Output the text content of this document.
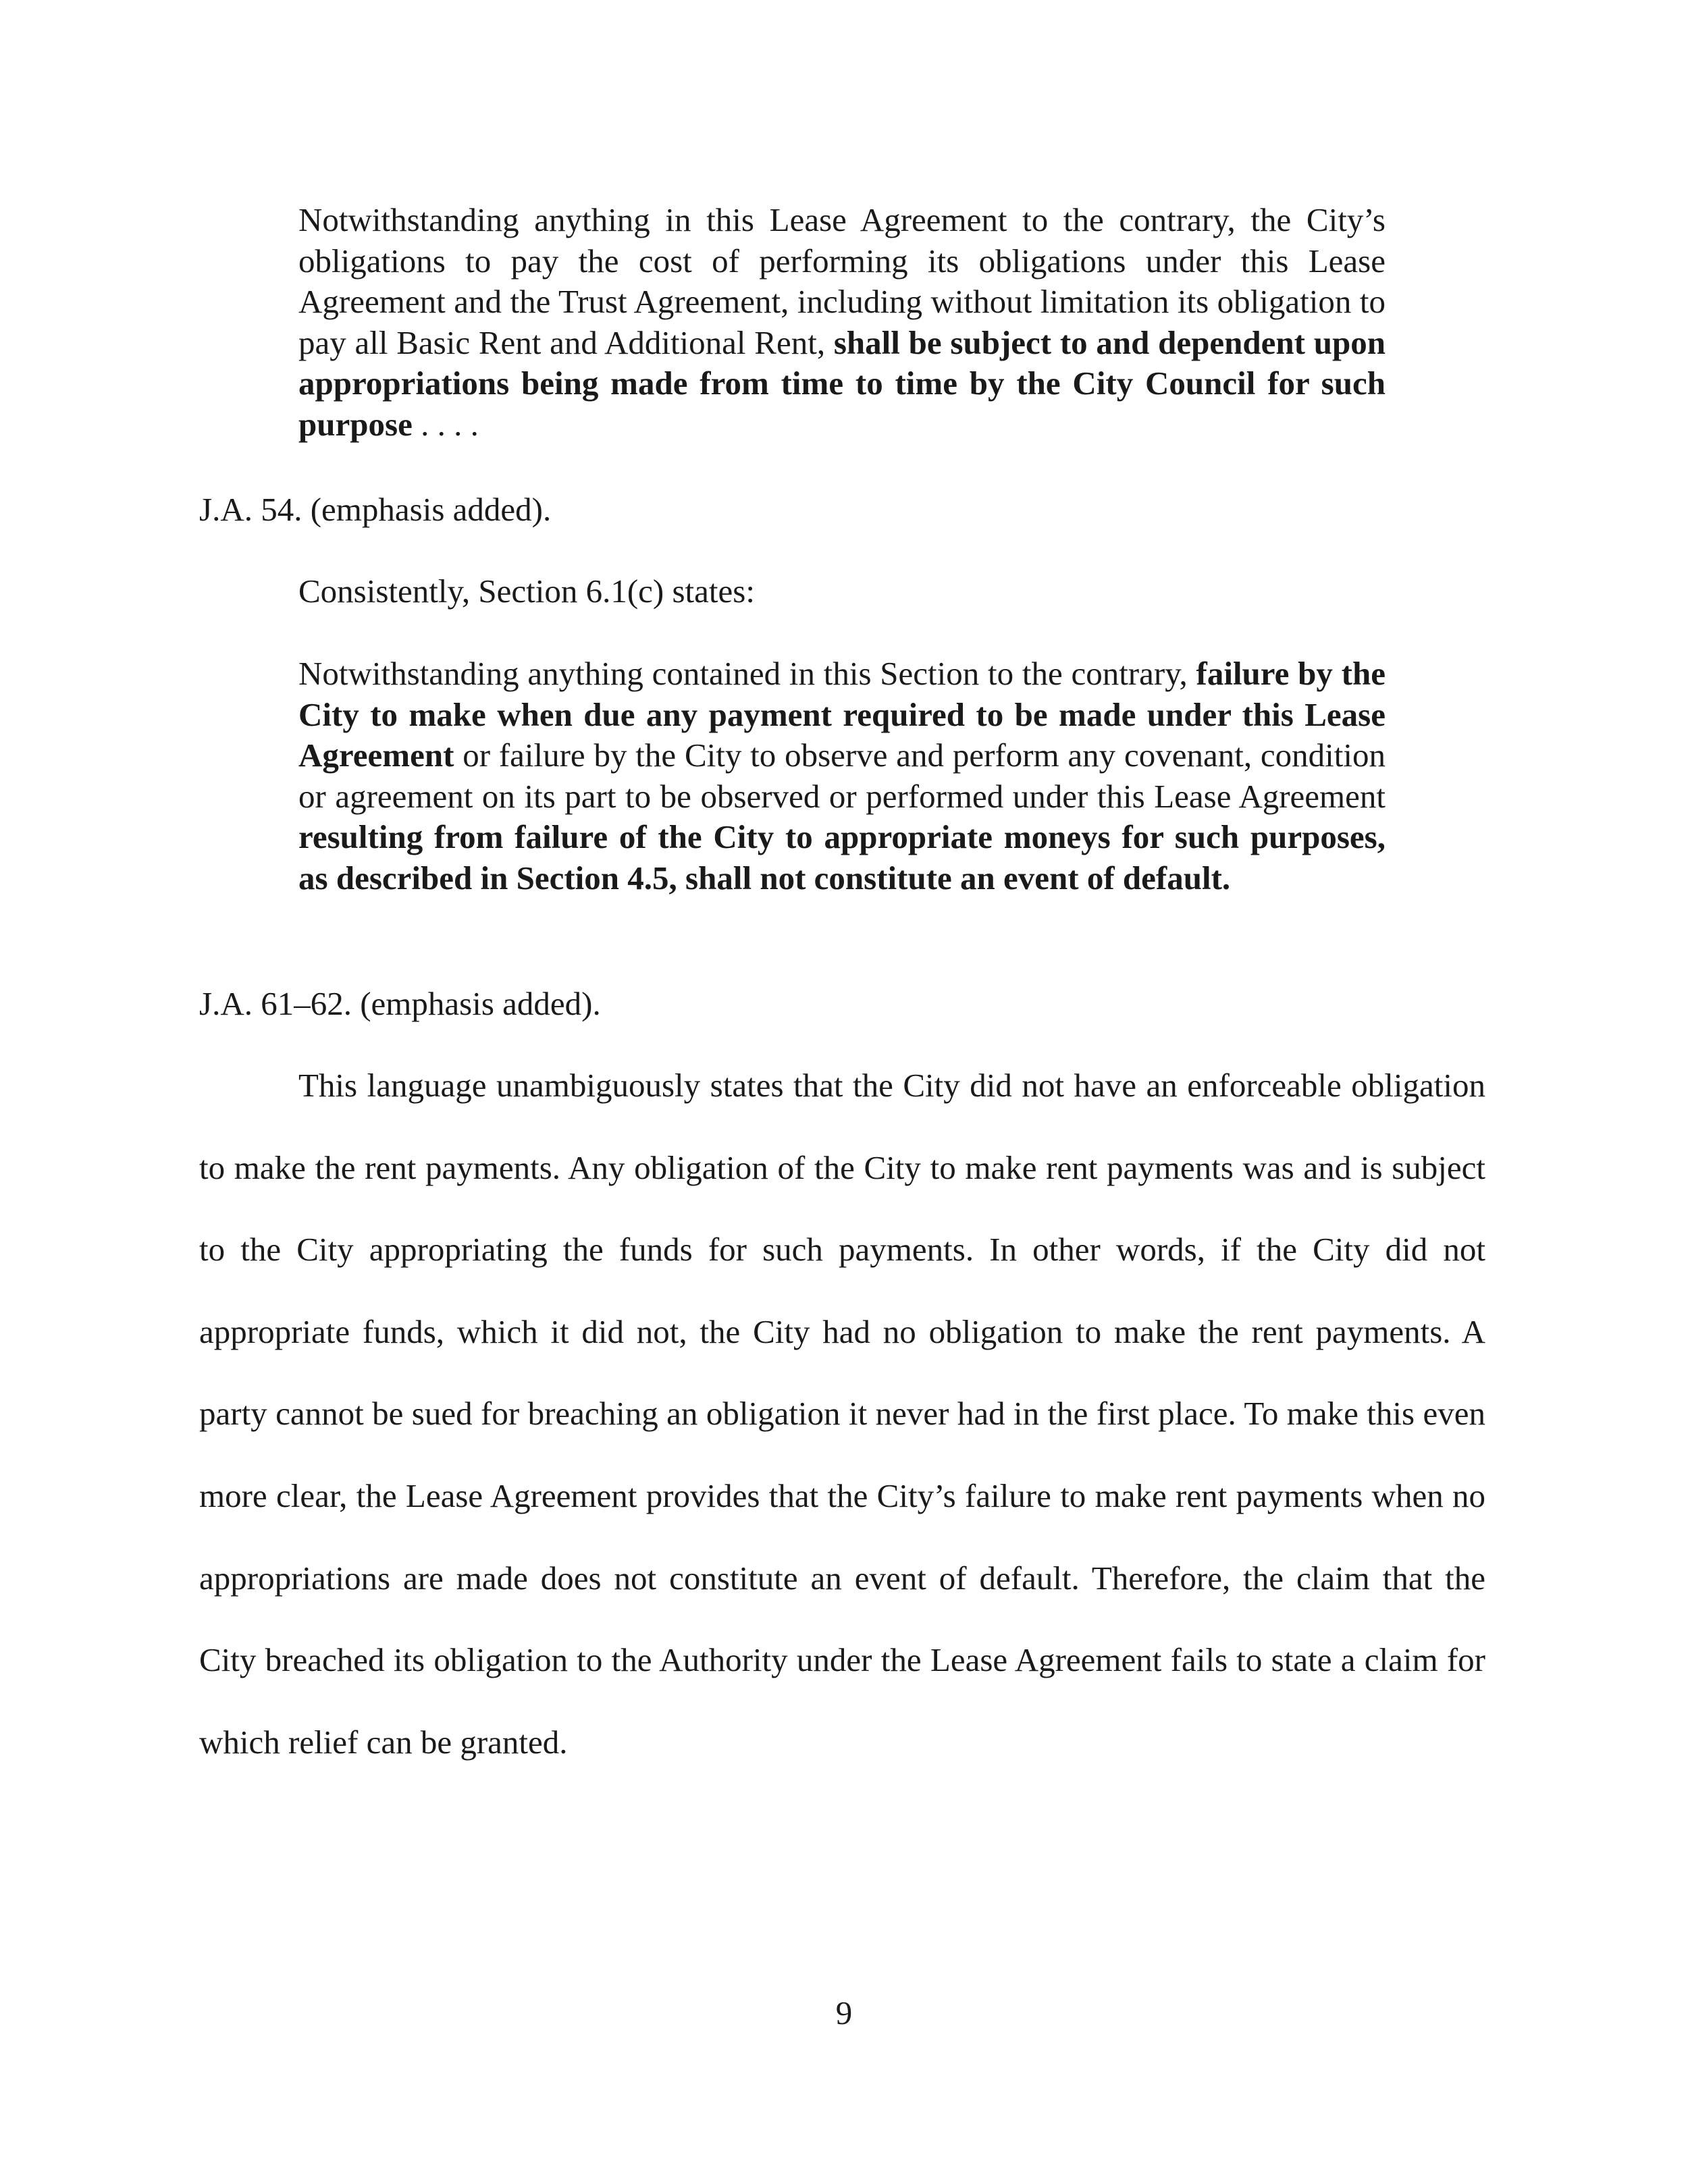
Notwithstanding anything in this Lease Agreement to the contrary, the City’s obligations to pay the cost of performing its obligations under this Lease Agreement and the Trust Agreement, including without limitation its obligation to pay all Basic Rent and Additional Rent, shall be subject to and dependent upon appropriations being made from time to time by the City Council for such purpose . . . .

J.A. 54. (emphasis added).

Consistently, Section 6.1(c) states:

Notwithstanding anything contained in this Section to the contrary, failure by the City to make when due any payment required to be made under this Lease Agreement or failure by the City to observe and perform any covenant, condition or agreement on its part to be observed or performed under this Lease Agreement resulting from failure of the City to appropriate moneys for such purposes, as described in Section 4.5, shall not constitute an event of default.

J.A. 61–62. (emphasis added).

This language unambiguously states that the City did not have an enforceable obligation to make the rent payments. Any obligation of the City to make rent payments was and is subject to the City appropriating the funds for such payments. In other words, if the City did not appropriate funds, which it did not, the City had no obligation to make the rent payments. A party cannot be sued for breaching an obligation it never had in the first place. To make this even more clear, the Lease Agreement provides that the City’s failure to make rent payments when no appropriations are made does not constitute an event of default. Therefore, the claim that the City breached its obligation to the Authority under the Lease Agreement fails to state a claim for which relief can be granted.

9
